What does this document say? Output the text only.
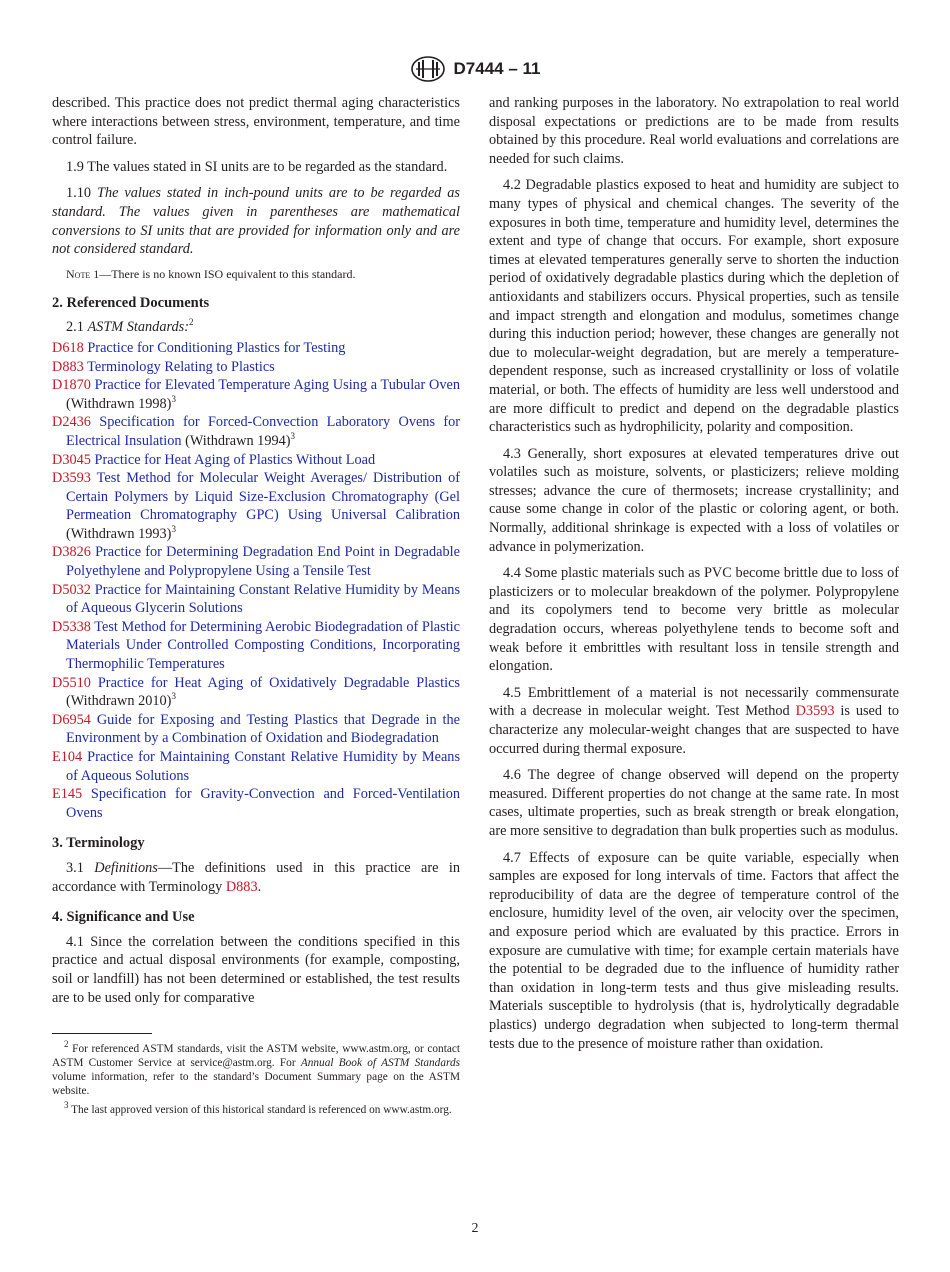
D7444 – 11

described. This practice does not predict thermal aging characteristics where interactions between stress, environment, temperature, and time control failure.

1.9 The values stated in SI units are to be regarded as the standard.

1.10 The values stated in inch-pound units are to be regarded as standard. The values given in parentheses are mathematical conversions to SI units that are provided for information only and are not considered standard.

Note 1—There is no known ISO equivalent to this standard.

2. Referenced Documents

2.1 ASTM Standards:$^2$

D618 Practice for Conditioning Plastics for Testing

D883 Terminology Relating to Plastics

D1870 Practice for Elevated Temperature Aging Using a Tubular Oven (Withdrawn 1998)$^3$

D2436 Specification for Forced-Convection Laboratory Ovens for Electrical Insulation (Withdrawn 1994)$^3$

D3045 Practice for Heat Aging of Plastics Without Load

D3593 Test Method for Molecular Weight Averages/ Distribution of Certain Polymers by Liquid Size-Exclusion Chromatography (Gel Permeation Chromatography GPC) Using Universal Calibration (Withdrawn 1993)$^3$

D3826 Practice for Determining Degradation End Point in Degradable Polyethylene and Polypropylene Using a Tensile Test

D5032 Practice for Maintaining Constant Relative Humidity by Means of Aqueous Glycerin Solutions

D5338 Test Method for Determining Aerobic Biodegradation of Plastic Materials Under Controlled Composting Conditions, Incorporating Thermophilic Temperatures

D5510 Practice for Heat Aging of Oxidatively Degradable Plastics (Withdrawn 2010)$^3$

D6954 Guide for Exposing and Testing Plastics that Degrade in the Environment by a Combination of Oxidation and Biodegradation

E104 Practice for Maintaining Constant Relative Humidity by Means of Aqueous Solutions

E145 Specification for Gravity-Convection and Forced-Ventilation Ovens

3. Terminology

3.1 Definitions—The definitions used in this practice are in accordance with Terminology D883.

4. Significance and Use

4.1 Since the correlation between the conditions specified in this practice and actual disposal environments (for example, composting, soil or landfill) has not been determined or established, the test results are to be used only for comparative

$^2$ For referenced ASTM standards, visit the ASTM website, www.astm.org, or contact ASTM Customer Service at service@astm.org. For Annual Book of ASTM Standards volume information, refer to the standard’s Document Summary page on the ASTM website.

$^3$ The last approved version of this historical standard is referenced on www.astm.org.

and ranking purposes in the laboratory. No extrapolation to real world disposal expectations or predictions are to be made from results obtained by this procedure. Real world evaluations and correlations are needed for such claims.

4.2 Degradable plastics exposed to heat and humidity are subject to many types of physical and chemical changes. The severity of the exposures in both time, temperature and humidity level, determines the extent and type of change that occurs. For example, short exposure times at elevated temperatures generally serve to shorten the induction period of oxidatively degradable plastics during which the depletion of antioxidants and stabilizers occurs. Physical properties, such as tensile and impact strength and elongation and modulus, sometimes change during this induction period; however, these changes are generally not due to molecular-weight degradation, but are merely a temperature-dependent response, such as increased crystallinity or loss of volatile material, or both. The effects of humidity are less well understood and are more difficult to predict and depend on the degradable plastics characteristics such as hydrophilicity, polarity and composition.

4.3 Generally, short exposures at elevated temperatures drive out volatiles such as moisture, solvents, or plasticizers; relieve molding stresses; advance the cure of thermosets; increase crystallinity; and cause some change in color of the plastic or coloring agent, or both. Normally, additional shrinkage is expected with a loss of volatiles or advance in polymerization.

4.4 Some plastic materials such as PVC become brittle due to loss of plasticizers or to molecular breakdown of the polymer. Polypropylene and its copolymers tend to become very brittle as molecular degradation occurs, whereas polyethylene tends to become soft and weak before it embrittles with resultant loss in tensile strength and elongation.

4.5 Embrittlement of a material is not necessarily commensurate with a decrease in molecular weight. Test Method D3593 is used to characterize any molecular-weight changes that are suspected to have occurred during thermal exposure.

4.6 The degree of change observed will depend on the property measured. Different properties do not change at the same rate. In most cases, ultimate properties, such as break strength or break elongation, are more sensitive to degradation than bulk properties such as modulus.

4.7 Effects of exposure can be quite variable, especially when samples are exposed for long intervals of time. Factors that affect the reproducibility of data are the degree of temperature control of the enclosure, humidity level of the oven, air velocity over the specimen, and exposure period which are evaluated by this practice. Errors in exposure are cumulative with time; for example certain materials have the potential to be degraded due to the influence of humidity rather than oxidation in long-term tests and thus give misleading results. Materials susceptible to hydrolysis (that is, hydrolytically degradable plastics) undergo degradation when subjected to long-term thermal tests due to the presence of moisture rather than oxidation.

2
